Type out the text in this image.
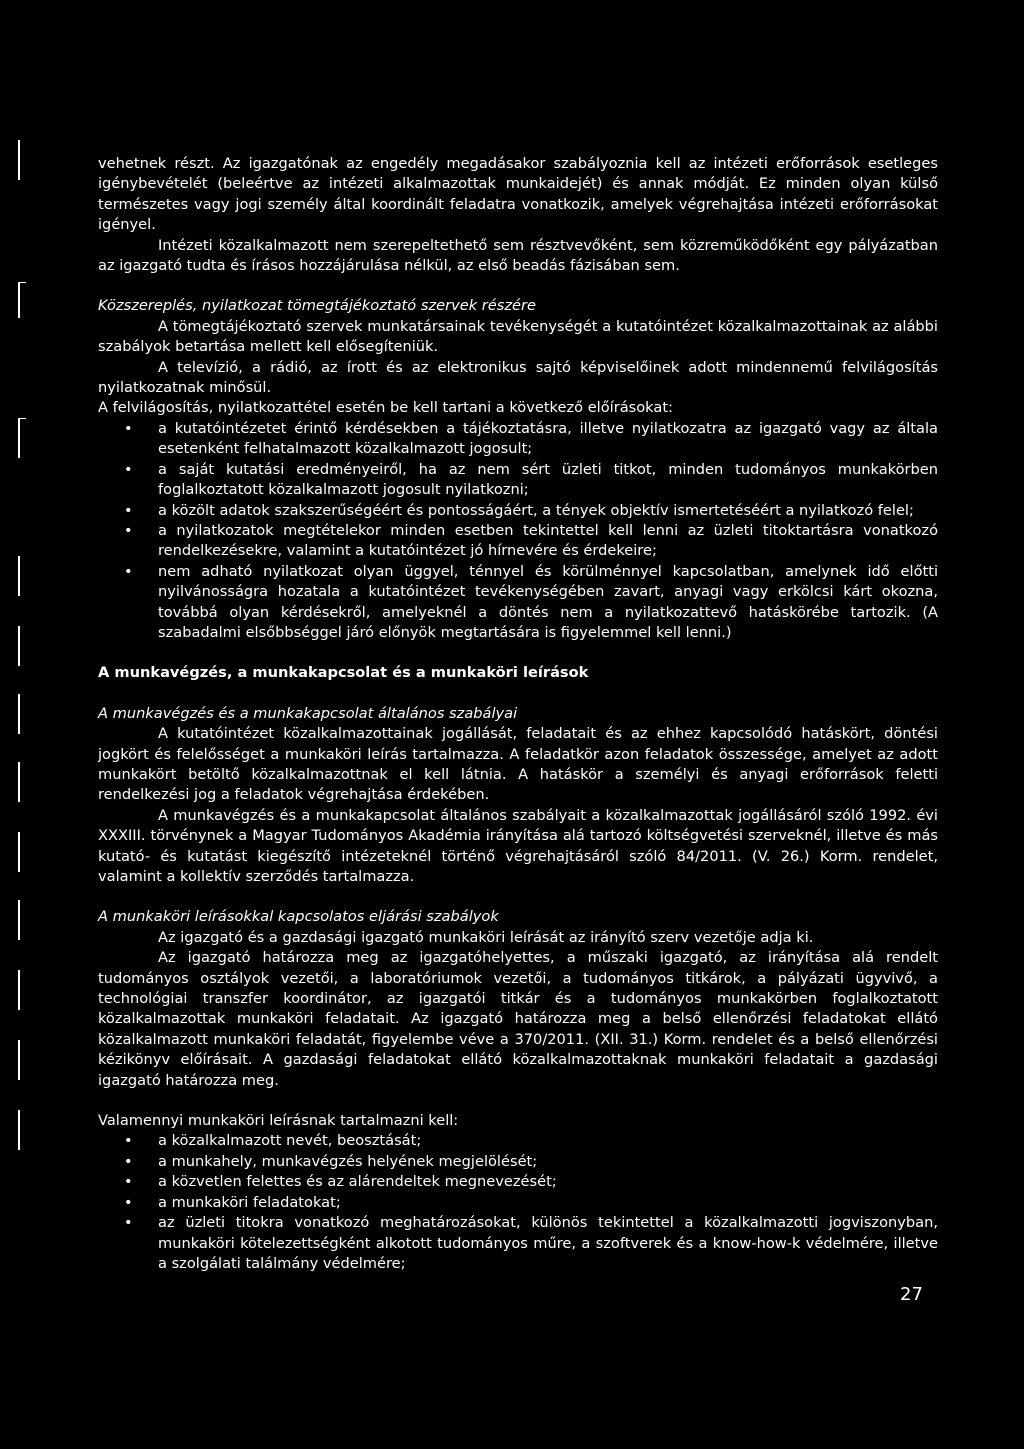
vehetnek részt. Az igazgatónak az engedély megadásakor szabályoznia kell az intézeti erőforrások esetleges igénybevételét (beleértve az intézeti alkalmazottak munkaidejét) és annak módját. Ez minden olyan külső természetes vagy jogi személy által koordinált feladatra vonatkozik, amelyek végrehajtása intézeti erőforrásokat igényel.

Intézeti közalkalmazott nem szerepeltethető sem résztvevőként, sem közreműködőként egy pályázatban az igazgató tudta és írásos hozzájárulása nélkül, az első beadás fázisában sem.

Közszereplés, nyilatkozat tömegtájékoztató szervek részére

A tömegtájékoztató szervek munkatársainak tevékenységét a kutatóintézet közalkalmazottainak az alábbi szabályok betartása mellett kell elősegíteniük.

A televízió, a rádió, az írott és az elektronikus sajtó képviselőinek adott mindennemű felvilágosítás nyilatkozatnak minősül.

A felvilágosítás, nyilatkozattétel esetén be kell tartani a következő előírásokat:

• a kutatóintézetet érintő kérdésekben a tájékoztatásra, illetve nyilatkozatra az igazgató vagy az általa esetenként felhatalmazott közalkalmazott jogosult;
• a saját kutatási eredményeiről, ha az nem sért üzleti titkot, minden tudományos munkakörben foglalkoztatott közalkalmazott jogosult nyilatkozni;
• a közölt adatok szakszerűségéért és pontosságáért, a tények objektív ismertetéséért a nyilatkozó felel;
• a nyilatkozatok megtételekor minden esetben tekintettel kell lenni az üzleti titoktartásra vonatkozó rendelkezésekre, valamint a kutatóintézet jó hírnevére és érdekeire;
• nem adható nyilatkozat olyan üggyel, ténnyel és körülménnyel kapcsolatban, amelynek idő előtti nyilvánosságra hozatala a kutatóintézet tevékenységében zavart, anyagi vagy erkölcsi kárt okozna, továbbá olyan kérdésekről, amelyeknél a döntés nem a nyilatkozattevő hatáskörébe tartozik. (A szabadalmi elsőbbséggel járó előnyök megtartására is figyelemmel kell lenni.)

A munkavégzés, a munkakapcsolat és a munkaköri leírások

A munkavégzés és a munkakapcsolat általános szabályai

A kutatóintézet közalkalmazottainak jogállását, feladatait és az ehhez kapcsolódó hatáskört, döntési jogkört és felelősséget a munkaköri leírás tartalmazza. A feladatkör azon feladatok összessége, amelyet az adott munkakört betöltő közalkalmazottnak el kell látnia. A hatáskör a személyi és anyagi erőforrások feletti rendelkezési jog a feladatok végrehajtása érdekében.

A munkavégzés és a munkakapcsolat általános szabályait a közalkalmazottak jogállásáról szóló 1992. évi XXXIII. törvénynek a Magyar Tudományos Akadémia irányítása alá tartozó költségvetési szerveknél, illetve és más kutató- és kutatást kiegészítő intézeteknél történő végrehajtásáról szóló 84/2011. (V. 26.) Korm. rendelet, valamint a kollektív szerződés tartalmazza.

A munkaköri leírásokkal kapcsolatos eljárási szabályok

Az igazgató és a gazdasági igazgató munkaköri leírását az irányító szerv vezetője adja ki.

Az igazgató határozza meg az igazgatóhelyettes, a műszaki igazgató, az irányítása alá rendelt tudományos osztályok vezetői, a laboratóriumok vezetői, a tudományos titkárok, a pályázati ügyvivő, a technológiai transzfer koordinátor, az igazgatói titkár és a tudományos munkakörben foglalkoztatott közalkalmazottak munkaköri feladatait. Az igazgató határozza meg a belső ellenőrzési feladatokat ellátó közalkalmazott munkaköri feladatát, figyelembe véve a 370/2011. (XII. 31.) Korm. rendelet és a belső ellenőrzési kézikönyv előírásait. A gazdasági feladatokat ellátó közalkalmazottaknak munkaköri feladatait a gazdasági igazgató határozza meg.

Valamennyi munkaköri leírásnak tartalmazni kell:

• a közalkalmazott nevét, beosztását;
• a munkahely, munkavégzés helyének megjelölését;
• a közvetlen felettes és az alárendeltek megnevezését;
• a munkaköri feladatokat;
• az üzleti titokra vonatkozó meghatározásokat, különös tekintettel a közalkalmazotti jogviszonyban, munkaköri kötelezettségként alkotott tudományos műre, a szoftverek és a know-how-k védelmére, illetve a szolgálati találmány védelmére;
27
